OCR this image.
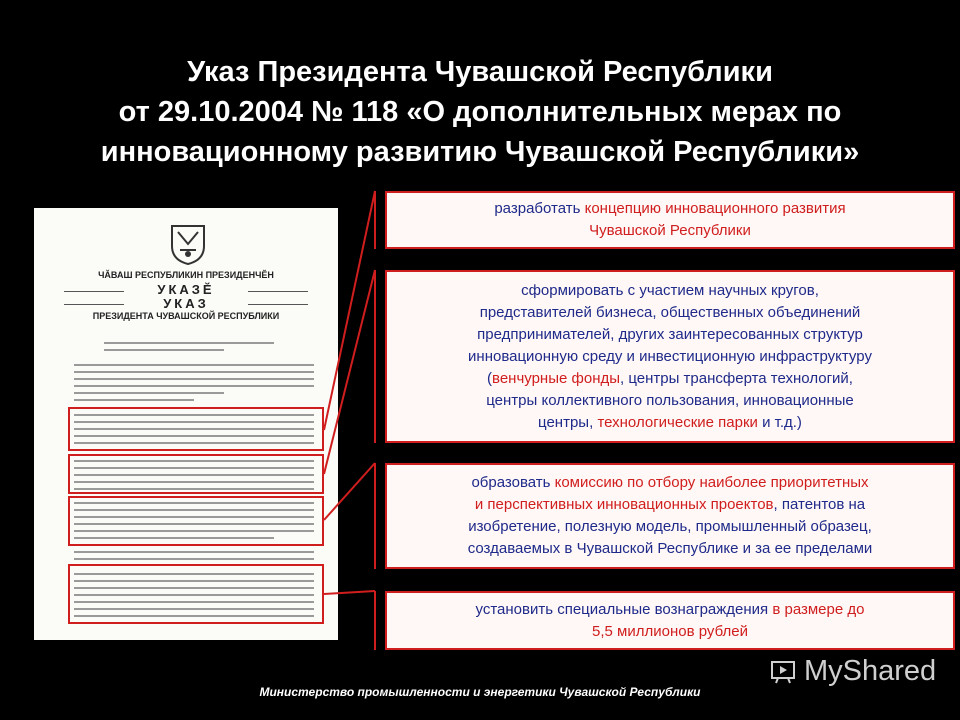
Указ Президента Чувашской Республики
от 29.10.2004 № 118 «О дополнительных мерах по
инновационному развитию Чувашской Республики»
ЧĂВАШ РЕСПУБЛИКИН ПРЕЗИДЕНЧĔН
УКАЗĔ
УКАЗ
ПРЕЗИДЕНТА ЧУВАШСКОЙ РЕСПУБЛИКИ
разработать концепцию инновационного развития
Чувашской Республики
сформировать с участием научных кругов,
представителей бизнеса, общественных объединений
предпринимателей, других заинтересованных структур
инновационную среду и инвестиционную инфраструктуру
(венчурные фонды, центры трансферта технологий,
центры коллективного пользования, инновационные
центры, технологические парки и т.д.)
образовать комиссию по отбору наиболее приоритетных
и перспективных инновационных проектов, патентов на
изобретение, полезную модель, промышленный образец,
создаваемых в Чувашской Республике и за ее пределами
установить специальные вознаграждения в размере до
5,5 миллионов рублей
Министерство промышленности и энергетики Чувашской Республики
MyShared
